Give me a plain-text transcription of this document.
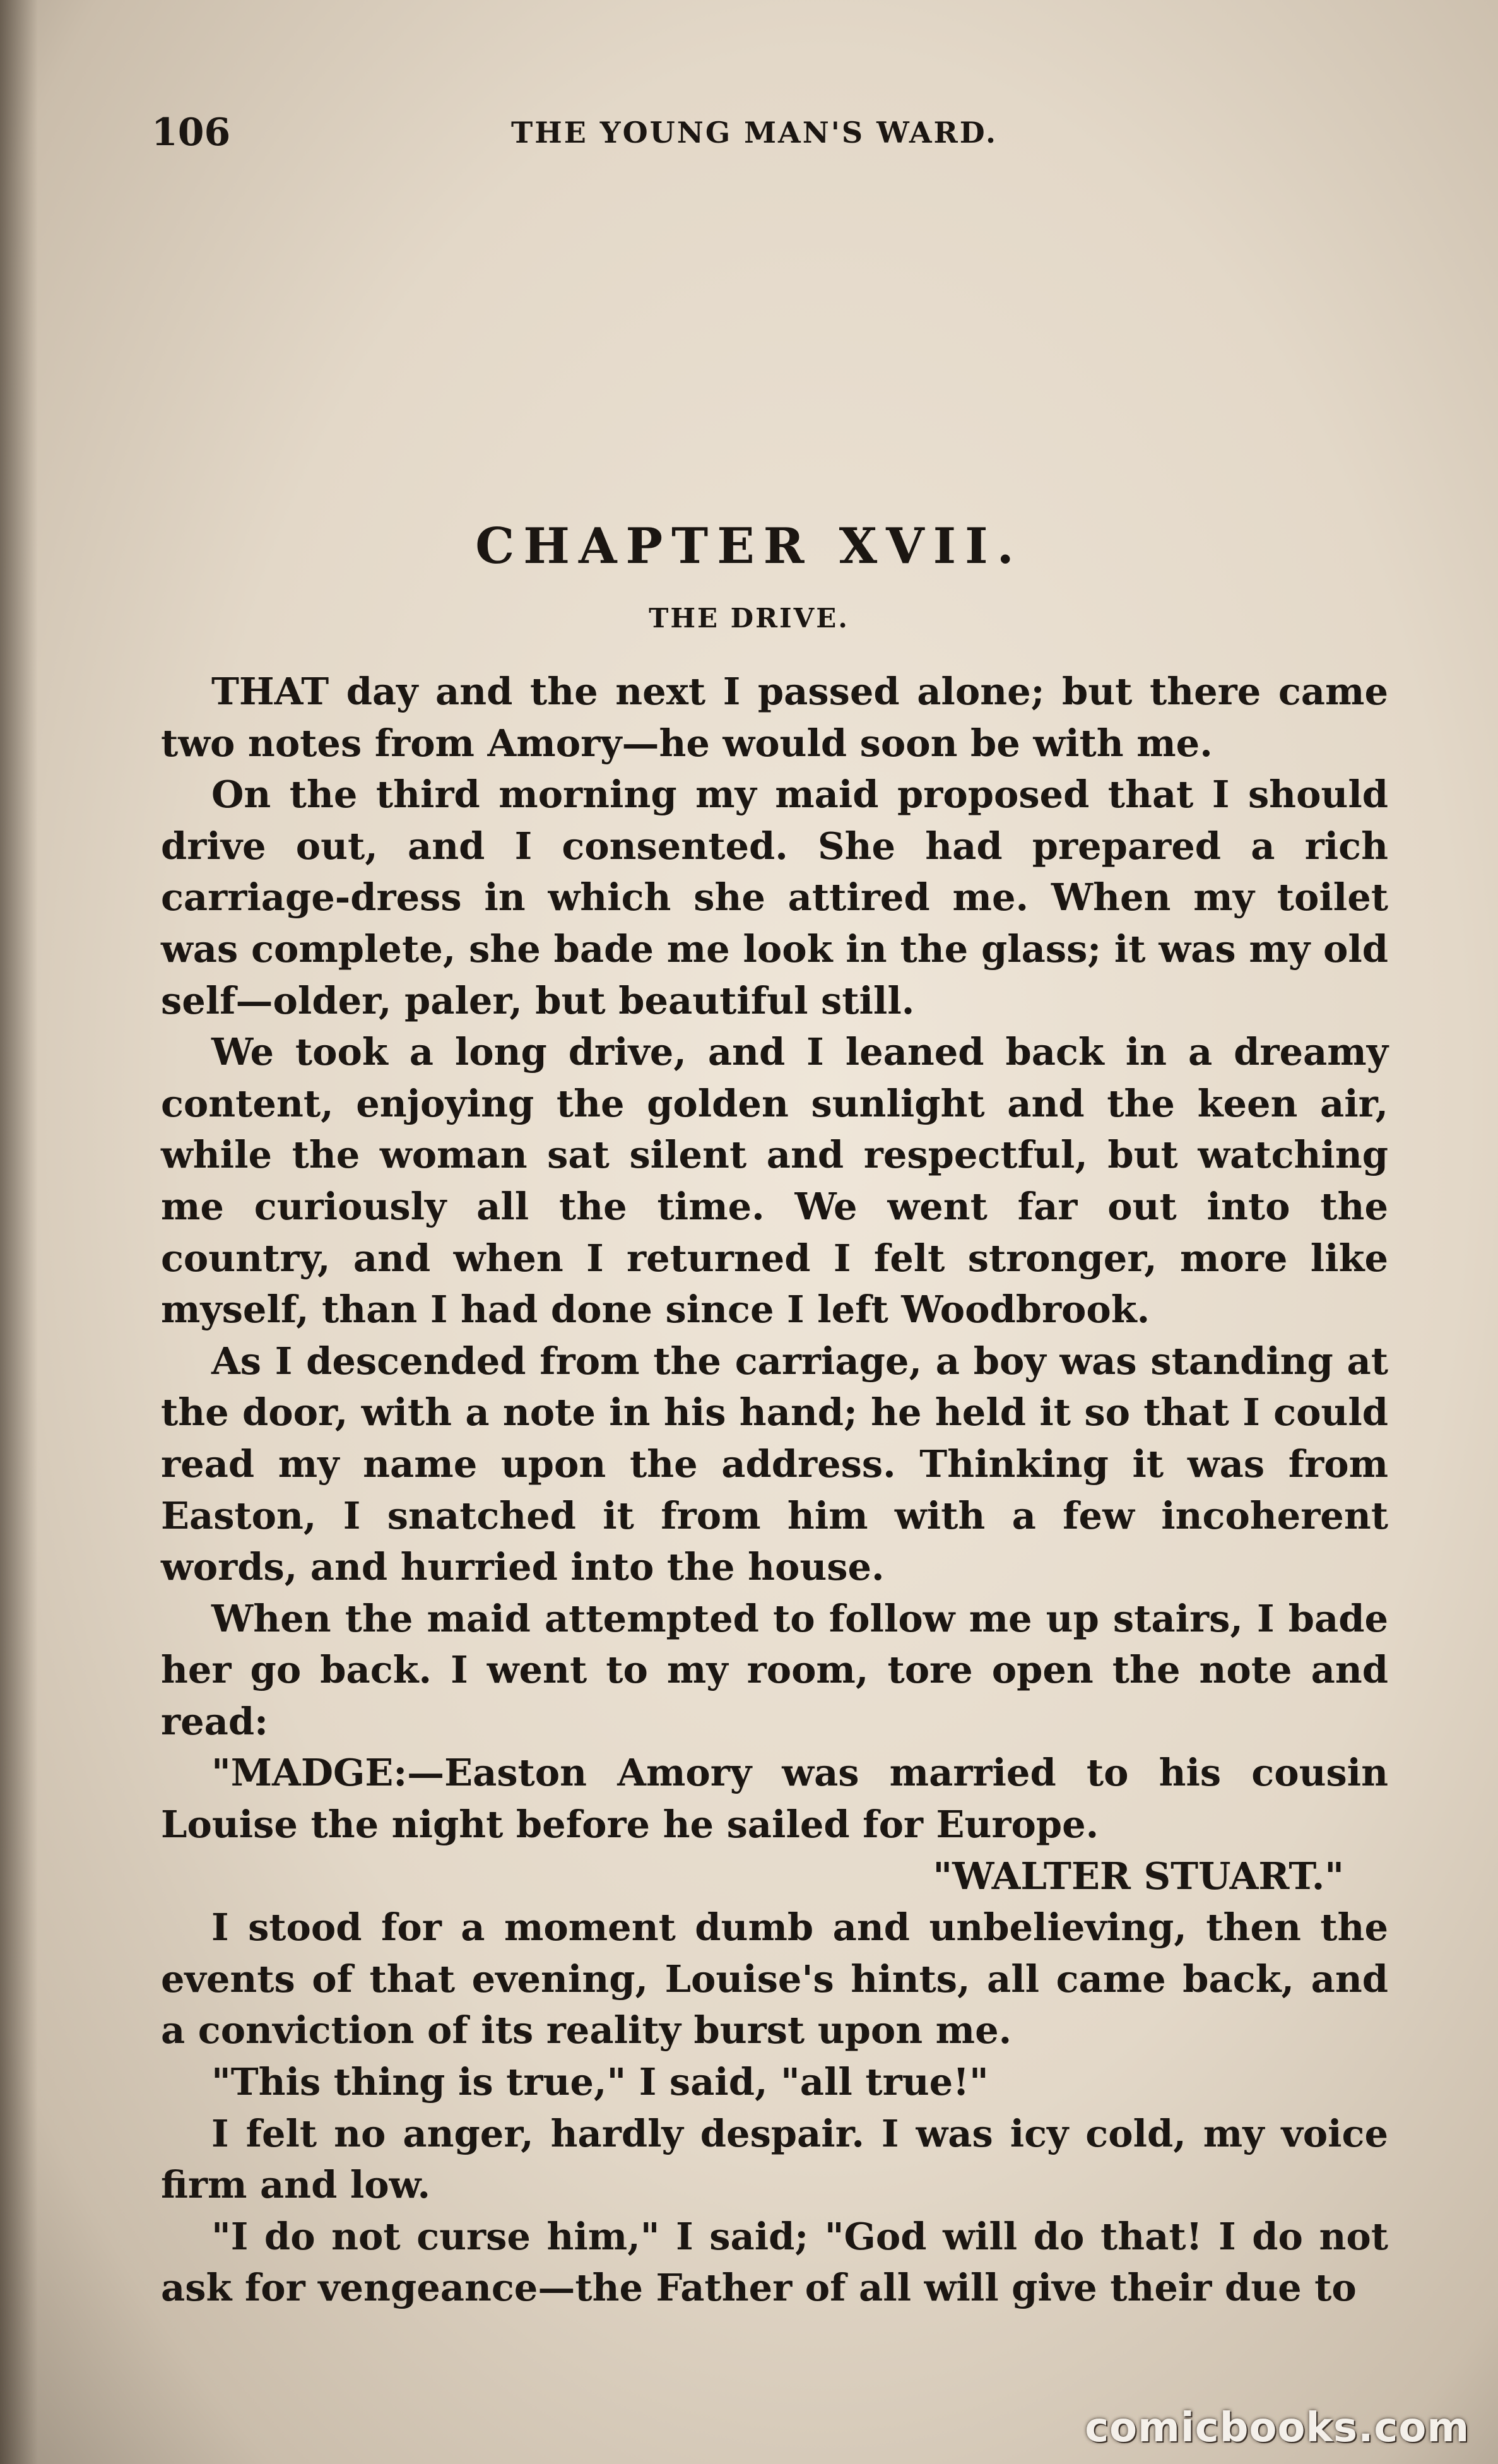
106	THE YOUNG MAN'S WARD.
CHAPTER XVII.
THE DRIVE.

THAT day and the next I passed alone; but there came two notes from Amory—he would soon be with me.

On the third morning my maid proposed that I should drive out, and I consented. She had prepared a rich carriage-dress in which she attired me. When my toilet was complete, she bade me look in the glass; it was my old self—older, paler, but beautiful still.

We took a long drive, and I leaned back in a dreamy content, enjoying the golden sunlight and the keen air, while the woman sat silent and respectful, but watching me curiously all the time. We went far out into the country, and when I returned I felt stronger, more like myself, than I had done since I left Woodbrook.

As I descended from the carriage, a boy was standing at the door, with a note in his hand; he held it so that I could read my name upon the address. Thinking it was from Easton, I snatched it from him with a few incoherent words, and hurried into the house.

When the maid attempted to follow me up stairs, I bade her go back. I went to my room, tore open the note and read:

"MADGE:—Easton Amory was married to his cousin Louise the night before he sailed for Europe.

"WALTER STUART."

I stood for a moment dumb and unbelieving, then the events of that evening, Louise's hints, all came back, and a conviction of its reality burst upon me.

"This thing is true," I said, "all true!"

I felt no anger, hardly despair. I was icy cold, my voice firm and low.

"I do not curse him," I said; "God will do that! I do not ask for vengeance—the Father of all will give their due to

comicbooks.com
